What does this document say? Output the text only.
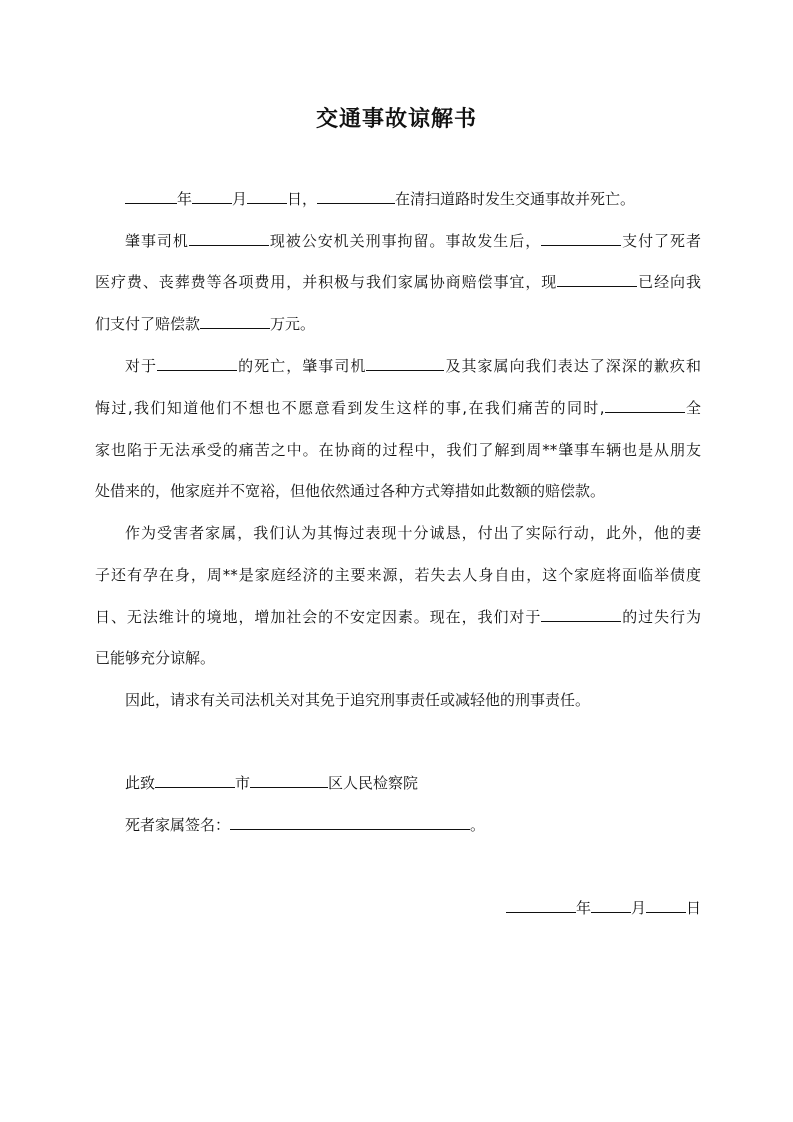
交通事故谅解书
年	月	日，	在清扫道路时发生交通事故并死亡。
肇事司机	现被公安机关刑事拘留。事故发生后，	支付了死者
医疗费、丧葬费等各项费用，并积极与我们家属协商赔偿事宜，现	已经向我
们支付了赔偿款	万元。
对于	的死亡，肇事司机	及其家属向我们表达了深深的歉疚和
悔过,我们知道他们不想也不愿意看到发生这样的事,在我们痛苦的同时,	全
家也陷于无法承受的痛苦之中。在协商的过程中，我们了解到周**肇事车辆也是从朋友
处借来的，他家庭并不宽裕，但他依然通过各种方式筹措如此数额的赔偿款。
作为受害者家属，我们认为其悔过表现十分诚恳，付出了实际行动，此外，他的妻
子还有孕在身，周**是家庭经济的主要来源，若失去人身自由，这个家庭将面临举债度
日、无法维计的境地，增加社会的不安定因素。现在，我们对于	的过失行为
已能够充分谅解。
因此，请求有关司法机关对其免于追究刑事责任或减轻他的刑事责任。
此致	市	区人民检察院
死者家属签名：	。
年	月	日
